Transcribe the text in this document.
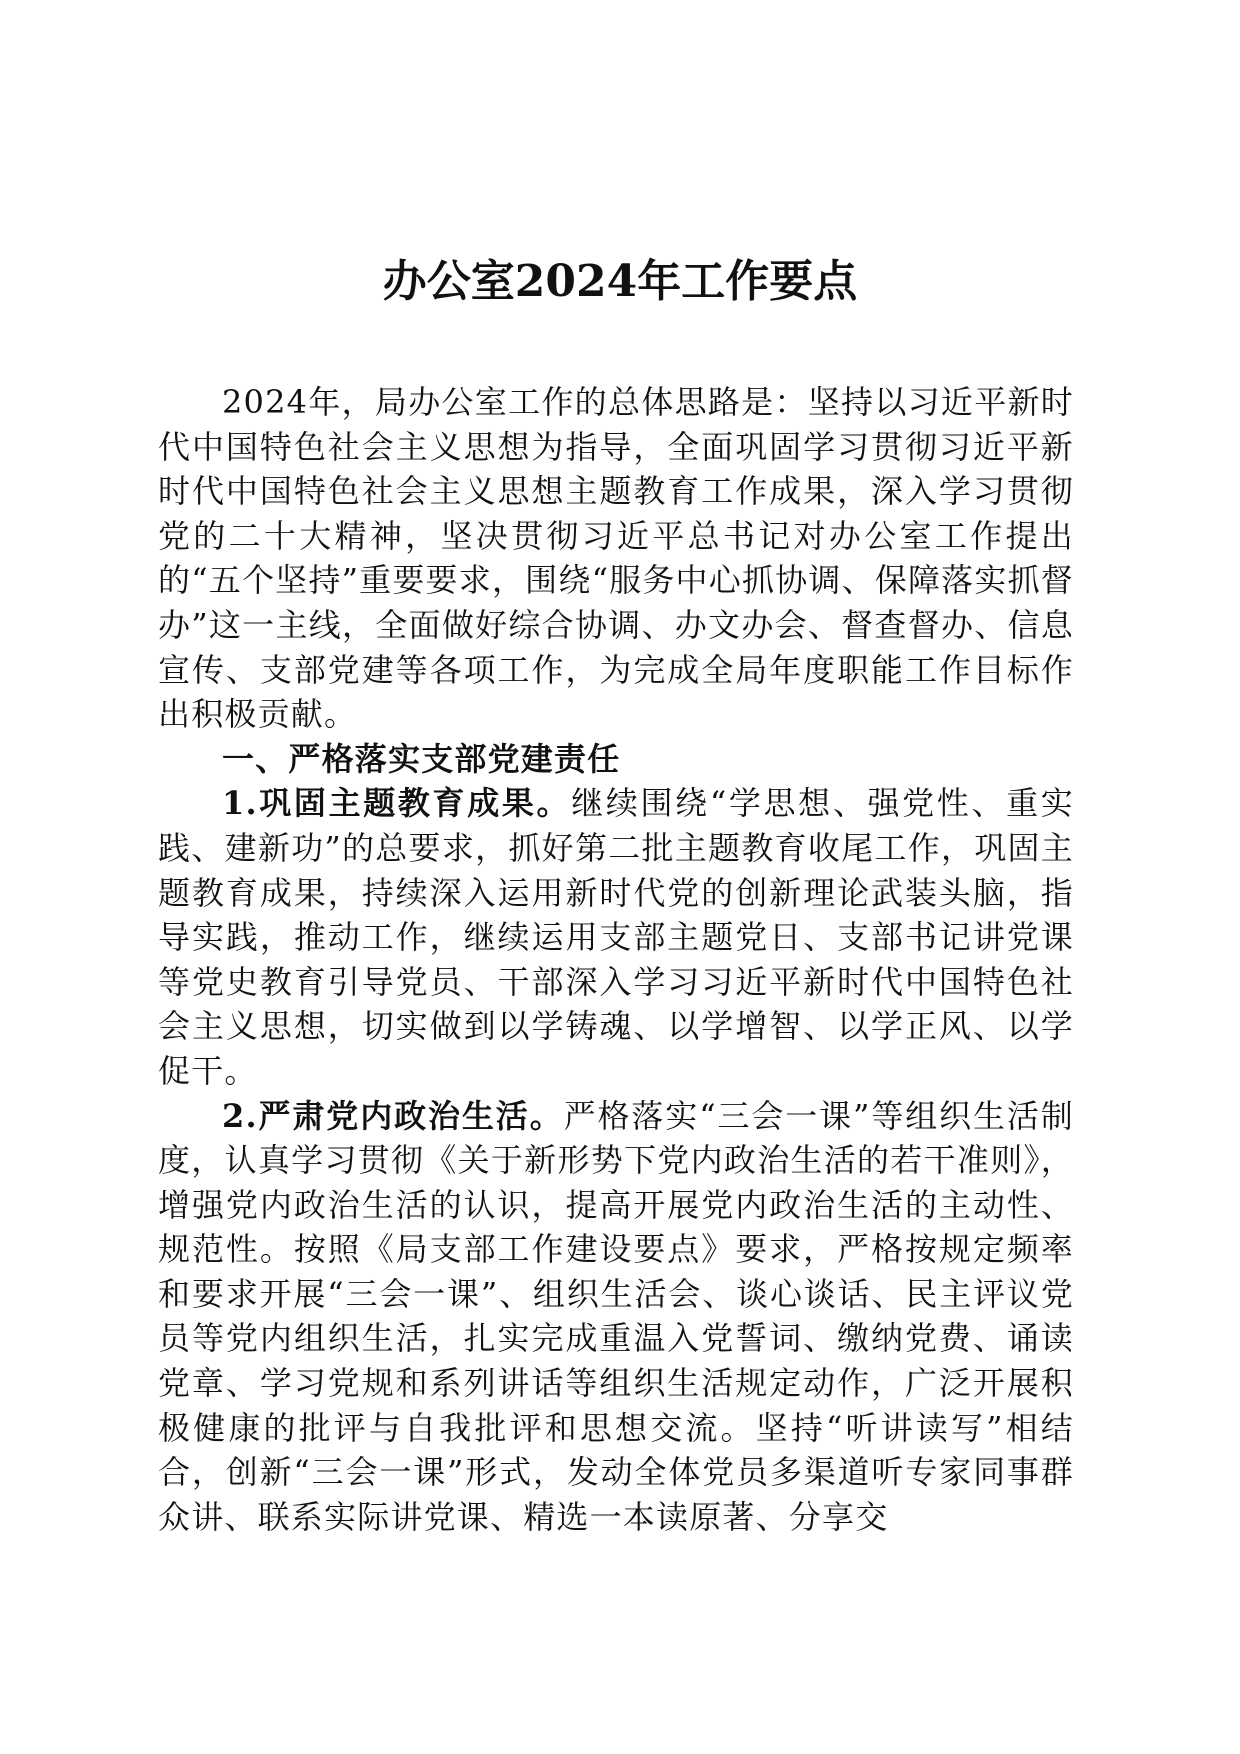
办公室2024年工作要点

2024年，局办公室工作的总体思路是：坚持以习近平新时代中国特色社会主义思想为指导，全面巩固学习贯彻习近平新时代中国特色社会主义思想主题教育工作成果，深入学习贯彻党的二十大精神，坚决贯彻习近平总书记对办公室工作提出的“五个坚持”重要要求，围绕“服务中心抓协调、保障落实抓督办”这一主线，全面做好综合协调、办文办会、督查督办、信息宣传、支部党建等各项工作，为完成全局年度职能工作目标作出积极贡献。

一、严格落实支部党建责任

1.巩固主题教育成果。继续围绕“学思想、强党性、重实践、建新功”的总要求，抓好第二批主题教育收尾工作，巩固主题教育成果，持续深入运用新时代党的创新理论武装头脑，指导实践，推动工作，继续运用支部主题党日、支部书记讲党课等党史教育引导党员、干部深入学习习近平新时代中国特色社会主义思想，切实做到以学铸魂、以学增智、以学正风、以学促干。

2.严肃党内政治生活。严格落实“三会一课”等组织生活制度，认真学习贯彻《关于新形势下党内政治生活的若干准则》，增强党内政治生活的认识，提高开展党内政治生活的主动性、规范性。按照《局支部工作建设要点》要求，严格按规定频率和要求开展“三会一课”、组织生活会、谈心谈话、民主评议党员等党内组织生活，扎实完成重温入党誓词、缴纳党费、诵读党章、学习党规和系列讲话等组织生活规定动作，广泛开展积极健康的批评与自我批评和思想交流。坚持“听讲读写”相结合，创新“三会一课”形式，发动全体党员多渠道听专家同事群众讲、联系实际讲党课、精选一本读原著、分享交
